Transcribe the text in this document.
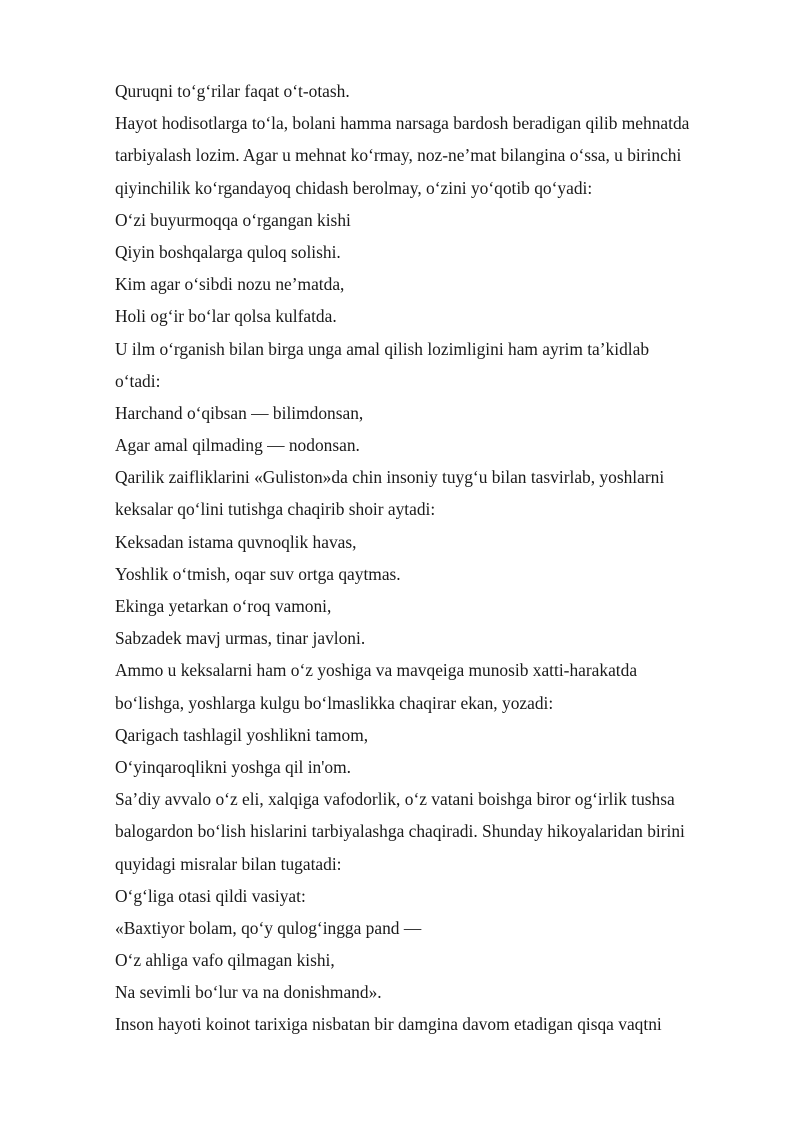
Quruqni to‘g‘rilar faqat o‘t-otash.
Hayot hodisotlarga to‘la, bolani hamma narsaga bardosh beradigan qilib mehnatda
tarbiyalash lozim. Agar u mehnat ko‘rmay, noz-ne’mat bilangina o‘ssa, u birinchi
qiyinchilik ko‘rgandayoq chidash berolmay, o‘zini yo‘qotib qo‘yadi:
O‘zi buyurmoqqa o‘rgangan kishi
Qiyin boshqalarga quloq solishi.
Kim agar o‘sibdi nozu ne’matda,
Holi og‘ir bo‘lar qolsa kulfatda.
U ilm o‘rganish bilan birga unga amal qilish lozimligini ham ayrim ta’kidlab
o‘tadi:
Harchand o‘qibsan — bilimdonsan,
Agar amal qilmading — nodonsan.
Qarilik zaifliklarini «Guliston»da chin insoniy tuyg‘u bilan tasvirlab, yoshlarni
keksalar qo‘lini tutishga chaqirib shoir aytadi:
Keksadan istama quvnoqlik havas,
Yoshlik o‘tmish, oqar suv ortga qaytmas.
Ekinga yetarkan o‘roq vamoni,
Sabzadek mavj urmas, tinar javloni.
Ammo u keksalarni ham o‘z yoshiga va mavqeiga munosib xatti-harakatda
bo‘lishga, yoshlarga kulgu bo‘lmaslikka chaqirar ekan, yozadi:
Qarigach tashlagil yoshlikni tamom,
O‘yinqaroqlikni yoshga qil in'om.
Sa’diy avvalo o‘z eli, xalqiga vafodorlik, o‘z vatani boishga biror og‘irlik tushsa
balogardon bo‘lish hislarini tarbiyalashga chaqiradi. Shunday hikoyalaridan birini
quyidagi misralar bilan tugatadi:
O‘g‘liga otasi qildi vasiyat:
«Baxtiyor bolam, qo‘y qulog‘ingga pand —
O‘z ahliga vafo qilmagan kishi,
Na sevimli bo‘lur va na donishmand».
Inson hayoti koinot tarixiga nisbatan bir damgina davom etadigan qisqa vaqtni
